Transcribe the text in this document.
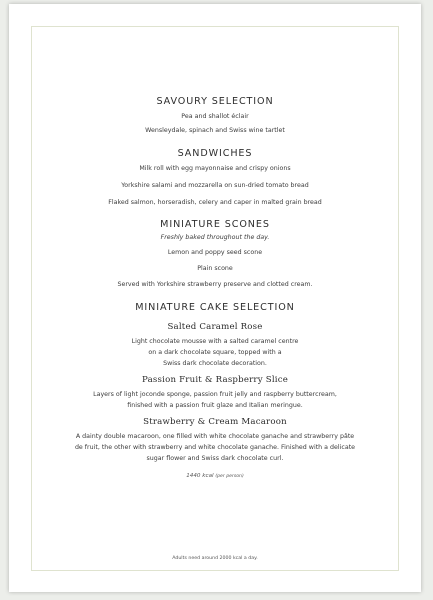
SAVOURY SELECTION

Pea and shallot éclair

Wensleydale, spinach and Swiss wine tartlet

SANDWICHES

Milk roll with egg mayonnaise and crispy onions

Yorkshire salami and mozzarella on sun-dried tomato bread

Flaked salmon, horseradish, celery and caper in malted grain bread

MINIATURE SCONES

Freshly baked throughout the day.

Lemon and poppy seed scone

Plain scone

Served with Yorkshire strawberry preserve and clotted cream.

MINIATURE CAKE SELECTION

Salted Caramel Rose

Light chocolate mousse with a salted caramel centre

on a dark chocolate square, topped with a

Swiss dark chocolate decoration.

Passion Fruit & Raspberry Slice

Layers of light joconde sponge, passion fruit jelly and raspberry buttercream,

finished with a passion fruit glaze and Italian meringue.

Strawberry & Cream Macaroon

A dainty double macaroon, one filled with white chocolate ganache and strawberry pâte

de fruit, the other with strawberry and white chocolate ganache. Finished with a delicate

sugar flower and Swiss dark chocolate curl.

1440 kcal (per person)

Adults need around 2000 kcal a day.
